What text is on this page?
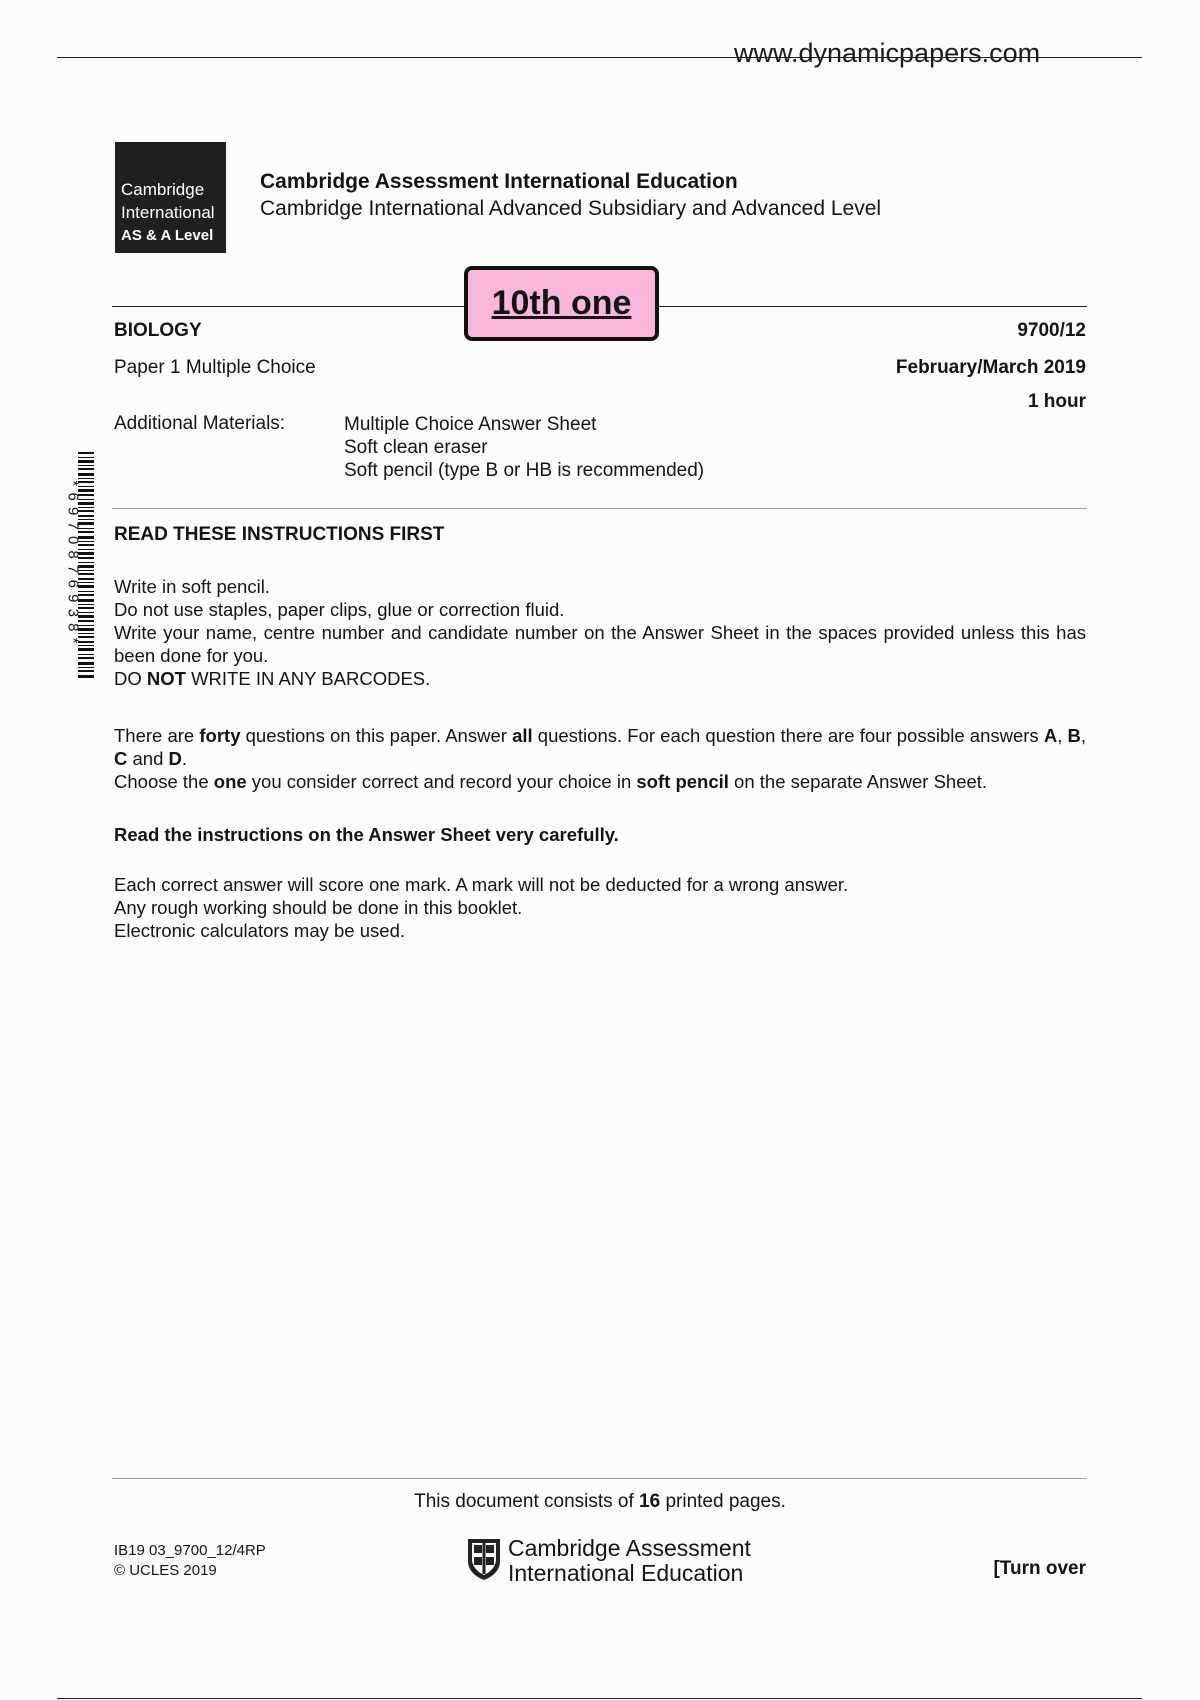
www.dynamicpapers.com
Cambridge
International
AS & A Level
Cambridge Assessment International Education
Cambridge International Advanced Subsidiary and Advanced Level
10th one
BIOLOGY	9700/12
Paper 1 Multiple Choice	February/March 2019
1 hour
Additional Materials:	Multiple Choice Answer Sheet
Soft clean eraser
Soft pencil (type B or HB is recommended)
* 6 9 7 0 8 7 6 9 3 8 * READ THESE INSTRUCTIONS FIRST

Write in soft pencil.

Do not use staples, paper clips, glue or correction fluid.

Write your name, centre number and candidate number on the Answer Sheet in the spaces provided unless this has been done for you.

DO NOT WRITE IN ANY BARCODES.

There are forty questions on this paper. Answer all questions. For each question there are four possible answers A, B, C and D.

Choose the one you consider correct and record your choice in soft pencil on the separate Answer Sheet.

Read the instructions on the Answer Sheet very carefully.

Each correct answer will score one mark. A mark will not be deducted for a wrong answer.

Any rough working should be done in this booklet.

Electronic calculators may be used.

This document consists of 16 printed pages.
IB19 03_9700_12/4RP
© UCLES 2019
Cambridge Assessment
International Education	[Turn over
